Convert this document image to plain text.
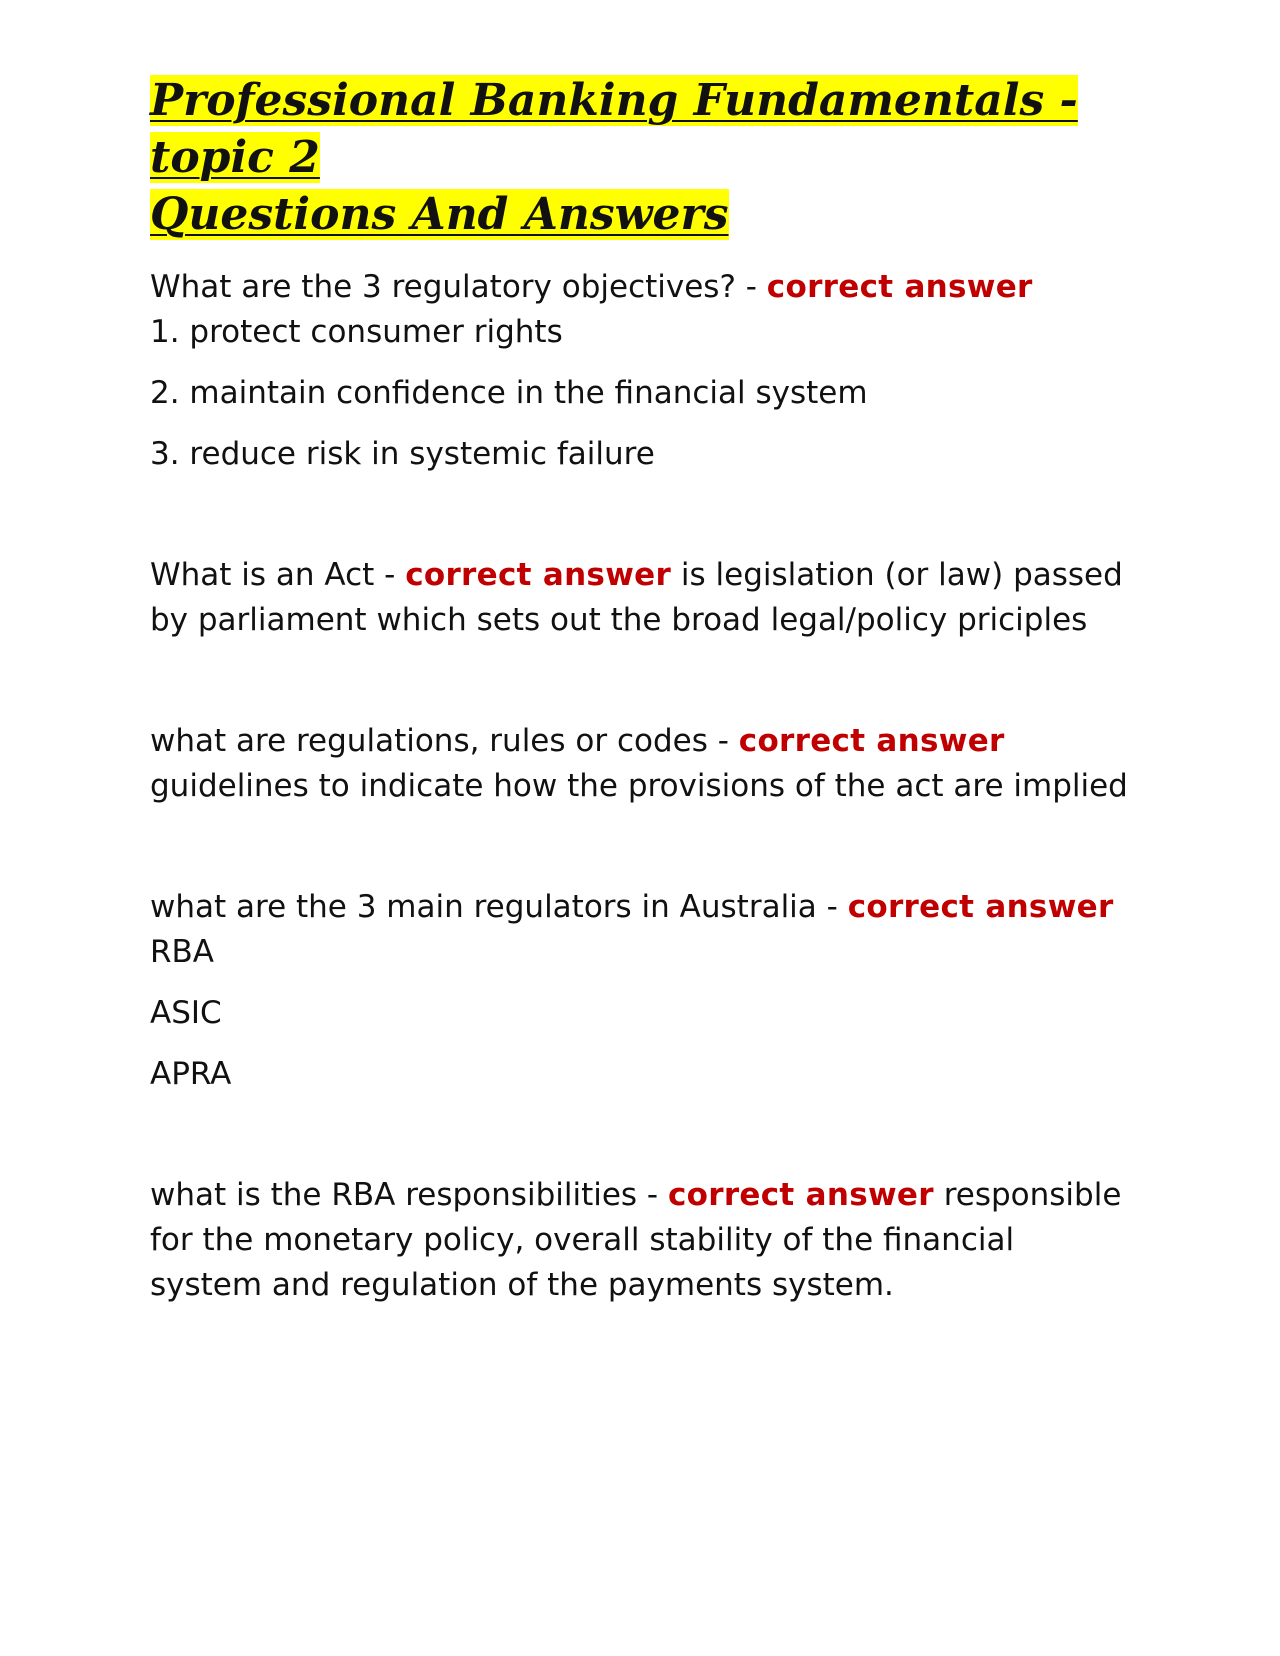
Professional Banking Fundamentals - topic 2
Questions And Answers

What are the 3 regulatory objectives? - correct answer
1. protect consumer rights

2. maintain confidence in the financial system

3. reduce risk in systemic failure

What is an Act - correct answer is legislation (or law) passed by parliament which sets out the broad legal/policy priciples

what are regulations, rules or codes - correct answer guidelines to indicate how the provisions of the act are implied

what are the 3 main regulators in Australia - correct answer RBA

ASIC

APRA

what is the RBA responsibilities - correct answer responsible for the monetary policy, overall stability of the financial system and regulation of the payments system.
